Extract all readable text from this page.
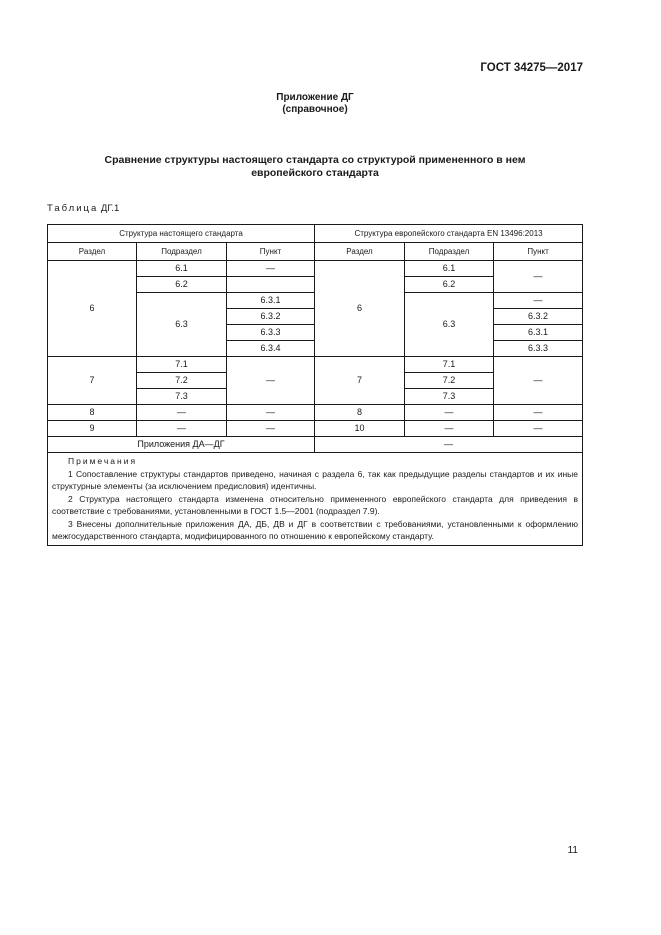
ГОСТ 34275—2017
Приложение ДГ
(справочное)
Сравнение структуры настоящего стандарта со структурой примененного в нем
европейского стандарта
Таблица ДГ.1
Структура настоящего стандарта			Структура европейского стандарта EN 13496:2013		
Раздел	Подраздел	Пункт	Раздел	Подраздел	Пункт
6	6.1	—	6	6.1	—
	6.2			6.2	
	6.3	6.3.1		6.3	—
		6.3.2			6.3.2
		6.3.3			6.3.1
		6.3.4			6.3.3
7	7.1	—	7	7.1	—
	7.2			7.2	
	7.3			7.3	
8	—	—	8	—	—
9	—	—	10	—	—
Приложения ДА—ДГ			—		

Примечания
1 Сопоставление структуры стандартов приведено, начиная с раздела 6, так как предыдущие разделы стандартов и их иные структурные элементы (за исключением предисловия) идентичны.
2 Структура настоящего стандарта изменена относительно примененного европейского стандарта для приведения в соответствие с требованиями, установленными в ГОСТ 1.5—2001 (подраздел 7.9).
3 Внесены дополнительные приложения ДА, ДБ, ДВ и ДГ в соответствии с требованиями, установленными к оформлению межгосударственного стандарта, модифицированного по отношению к европейскому стандарту.					
11
